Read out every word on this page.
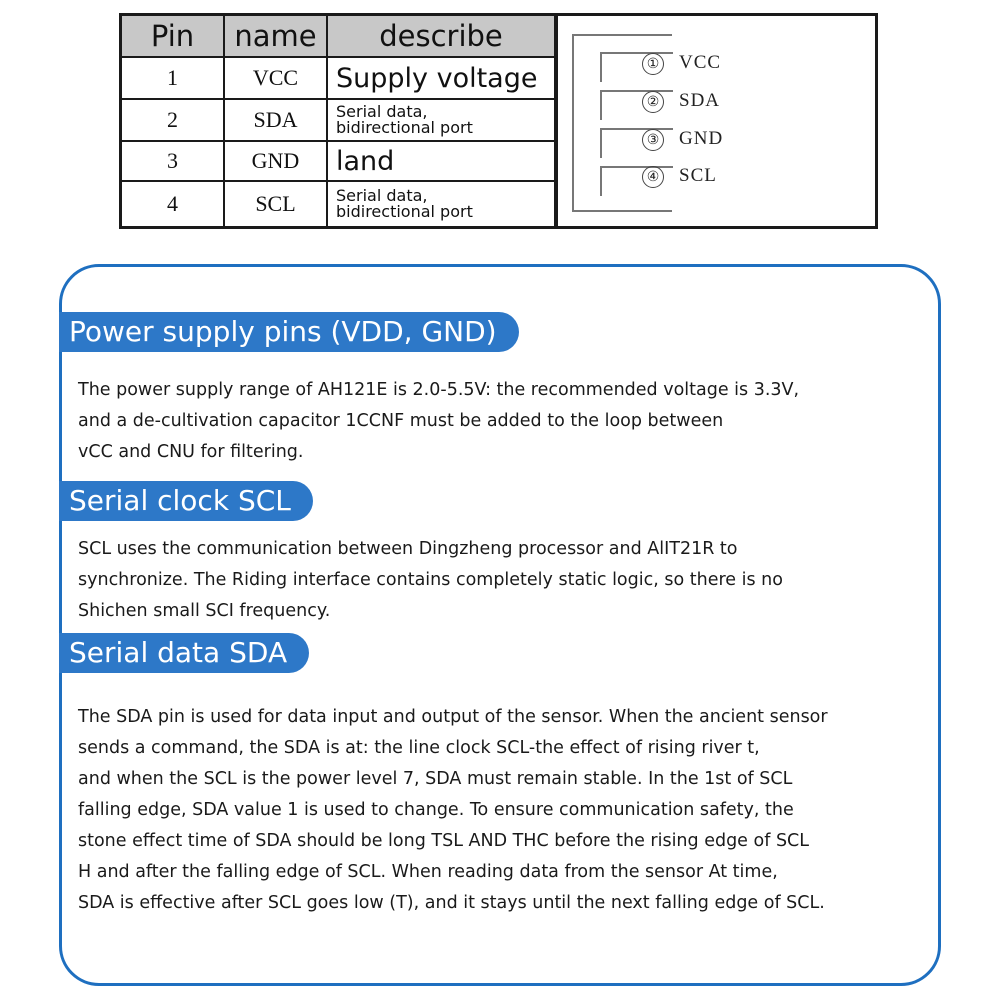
Pin	name	describe
1	VCC	Supply voltage
2	SDA	Serial data,
bidirectional port

3	GND	land
4	SCL	Serial data,
bidirectional port
①
②
③
④
VCC
SDA
GND
SCL
Power supply pins (VDD, GND)

The power supply range of AH121E is 2.0-5.5V: the recommended voltage is 3.3V,
and a de-cultivation capacitor 1CCNF must be added to the loop between
vCC and CNU for filtering.

Serial clock SCL

SCL uses the communication between Dingzheng processor and AlIT21R to
synchronize. The Riding interface contains completely static logic, so there is no
Shichen small SCI frequency.

Serial data SDA

The SDA pin is used for data input and output of the sensor. When the ancient sensor
sends a command, the SDA is at: the line clock SCL-the effect of rising river t,
and when the SCL is the power level 7, SDA must remain stable. In the 1st of SCL
falling edge, SDA value 1 is used to change. To ensure communication safety, the
stone effect time of SDA should be long TSL AND THC before the rising edge of SCL
H and after the falling edge of SCL. When reading data from the sensor At time,
SDA is effective after SCL goes low (T), and it stays until the next falling edge of SCL.
